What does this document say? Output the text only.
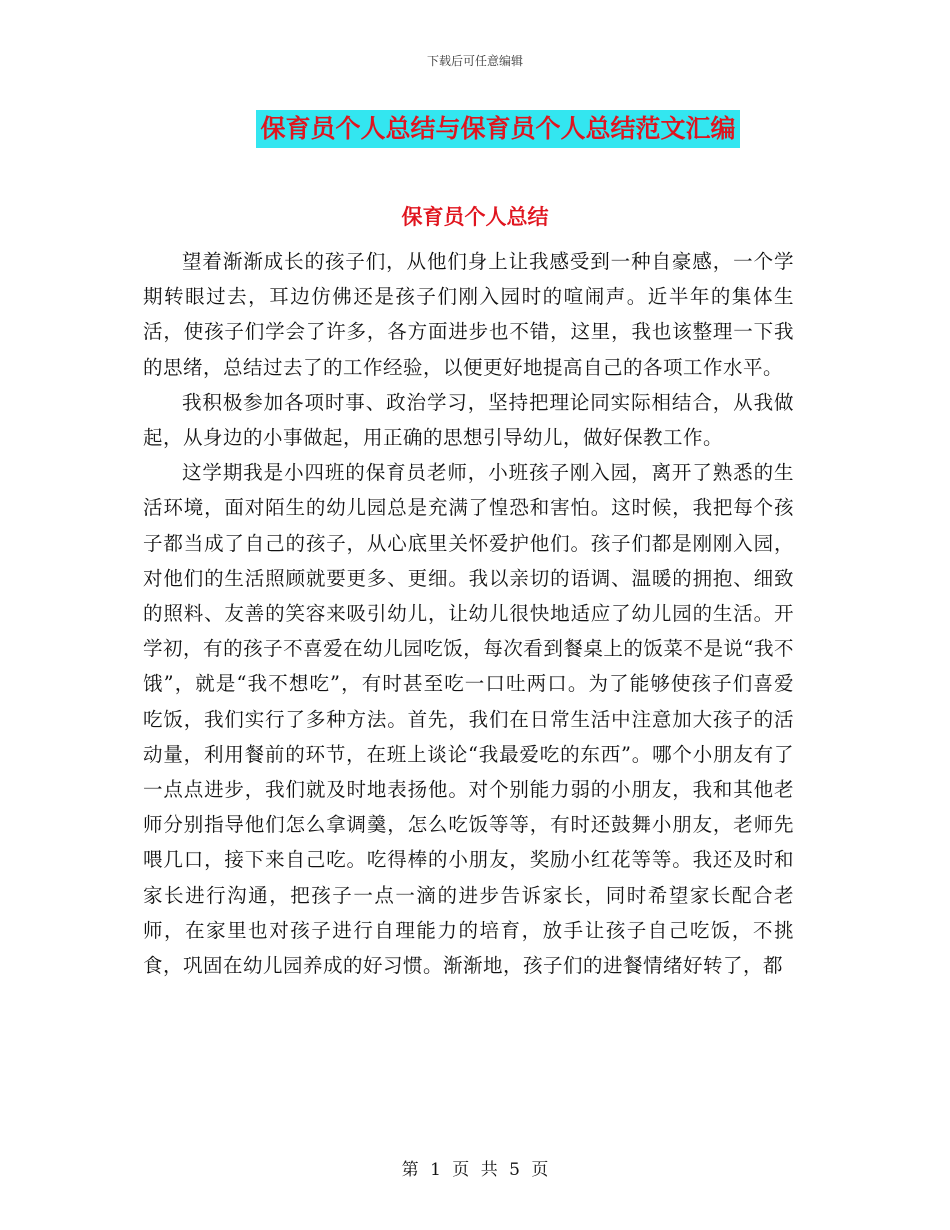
下载后可任意编辑
保育员个人总结与保育员个人总结范文汇编
保育员个人总结

望着渐渐成长的孩子们，从他们身上让我感受到一种自豪感，一个学期转眼过去，耳边仿佛还是孩子们刚入园时的喧闹声。近半年的集体生活，使孩子们学会了许多，各方面进步也不错，这里，我也该整理一下我的思绪，总结过去了的工作经验，以便更好地提高自己的各项工作水平。

我积极参加各项时事、政治学习，坚持把理论同实际相结合，从我做起，从身边的小事做起，用正确的思想引导幼儿，做好保教工作。

这学期我是小四班的保育员老师，小班孩子刚入园，离开了熟悉的生活环境，面对陌生的幼儿园总是充满了惶恐和害怕。这时候，我把每个孩子都当成了自己的孩子，从心底里关怀爱护他们。孩子们都是刚刚入园，对他们的生活照顾就要更多、更细。我以亲切的语调、温暖的拥抱、细致的照料、友善的笑容来吸引幼儿，让幼儿很快地适应了幼儿园的生活。开学初，有的孩子不喜爱在幼儿园吃饭，每次看到餐桌上的饭菜不是说“我不饿”，就是“我不想吃”，有时甚至吃一口吐两口。为了能够使孩子们喜爱吃饭，我们实行了多种方法。首先，我们在日常生活中注意加大孩子的活动量，利用餐前的环节，在班上谈论“我最爱吃的东西”。哪个小朋友有了一点点进步，我们就及时地表扬他。对个别能力弱的小朋友，我和其他老师分别指导他们怎么拿调羹，怎么吃饭等等，有时还鼓舞小朋友，老师先喂几口，接下来自己吃。吃得棒的小朋友，奖励小红花等等。我还及时和家长进行沟通，把孩子一点一滴的进步告诉家长，同时希望家长配合老师，在家里也对孩子进行自理能力的培育，放手让孩子自己吃饭，不挑食，巩固在幼儿园养成的好习惯。渐渐地，孩子们的进餐情绪好转了，都

第 1 页 共 5 页
